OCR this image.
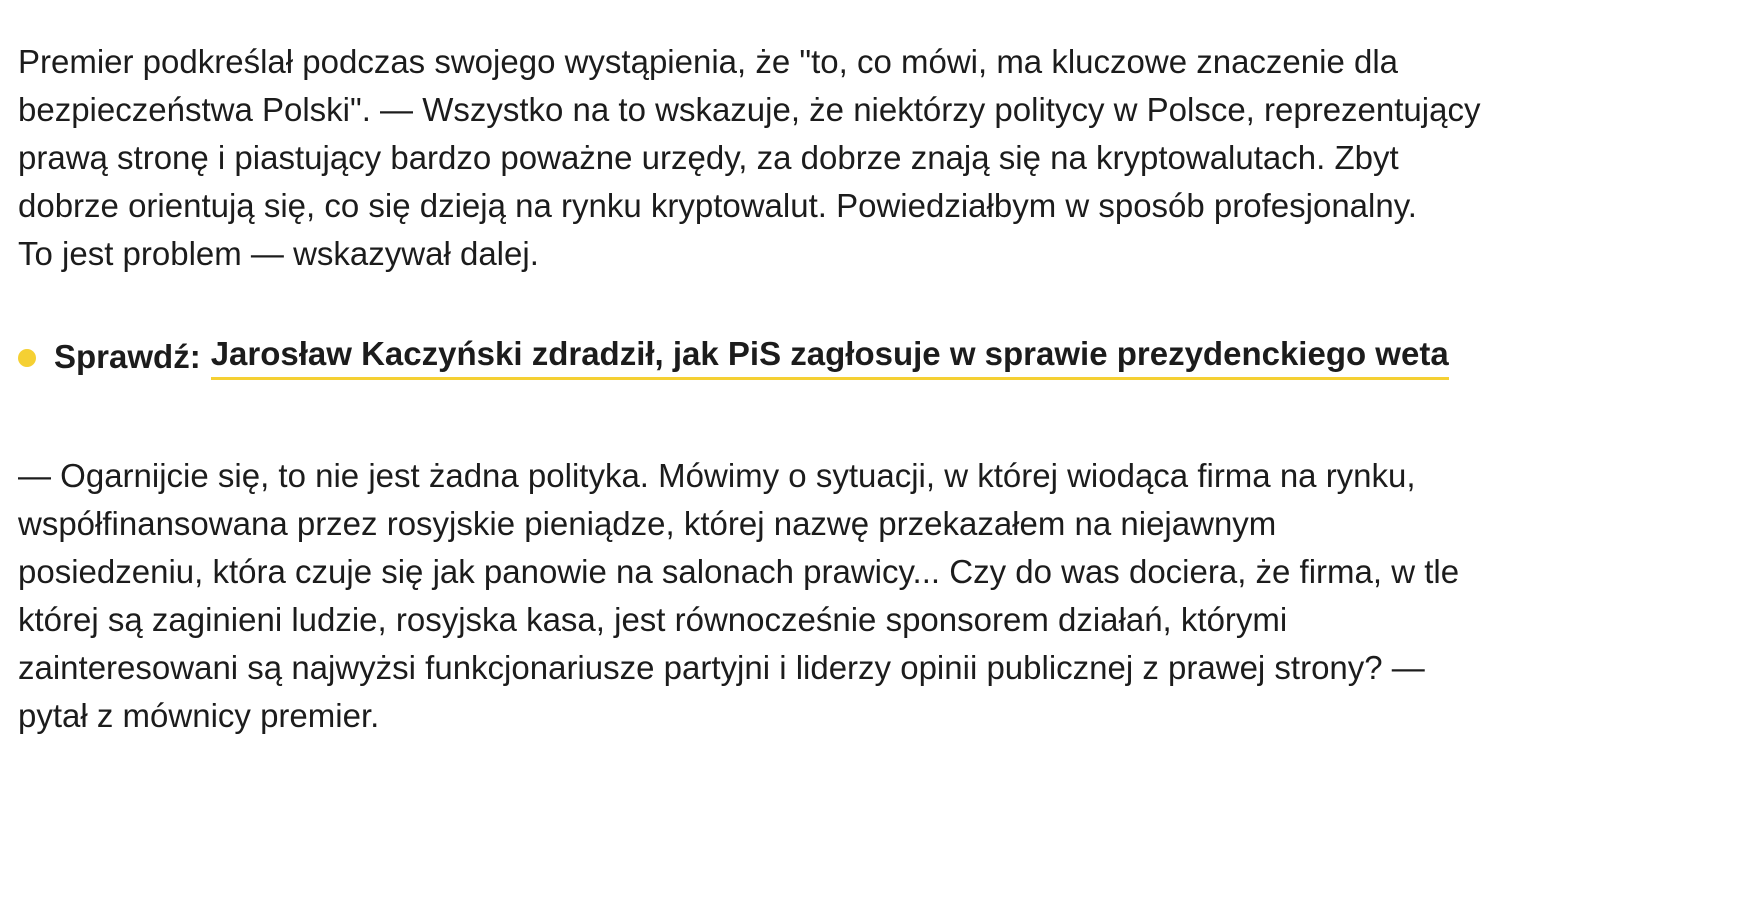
Premier podkreślał podczas swojego wystąpienia, że "to, co mówi, ma kluczowe znaczenie dla
bezpieczeństwa Polski". — Wszystko na to wskazuje, że niektórzy politycy w Polsce, reprezentujący
prawą stronę i piastujący bardzo poważne urzędy, za dobrze znają się na kryptowalutach. Zbyt
dobrze orientują się, co się dzieją na rynku kryptowalut. Powiedziałbym w sposób profesjonalny.
To jest problem — wskazywał dalej.

Sprawdź: Jarosław Kaczyński zdradził, jak PiS zagłosuje w sprawie prezydenckiego weta

— Ogarnijcie się, to nie jest żadna polityka. Mówimy o sytuacji, w której wiodąca firma na rynku,
współfinansowana przez rosyjskie pieniądze, której nazwę przekazałem na niejawnym
posiedzeniu, która czuje się jak panowie na salonach prawicy... Czy do was dociera, że firma, w tle
której są zaginieni ludzie, rosyjska kasa, jest równocześnie sponsorem działań, którymi
zainteresowani są najwyżsi funkcjonariusze partyjni i liderzy opinii publicznej z prawej strony? —
pytał z mównicy premier.
